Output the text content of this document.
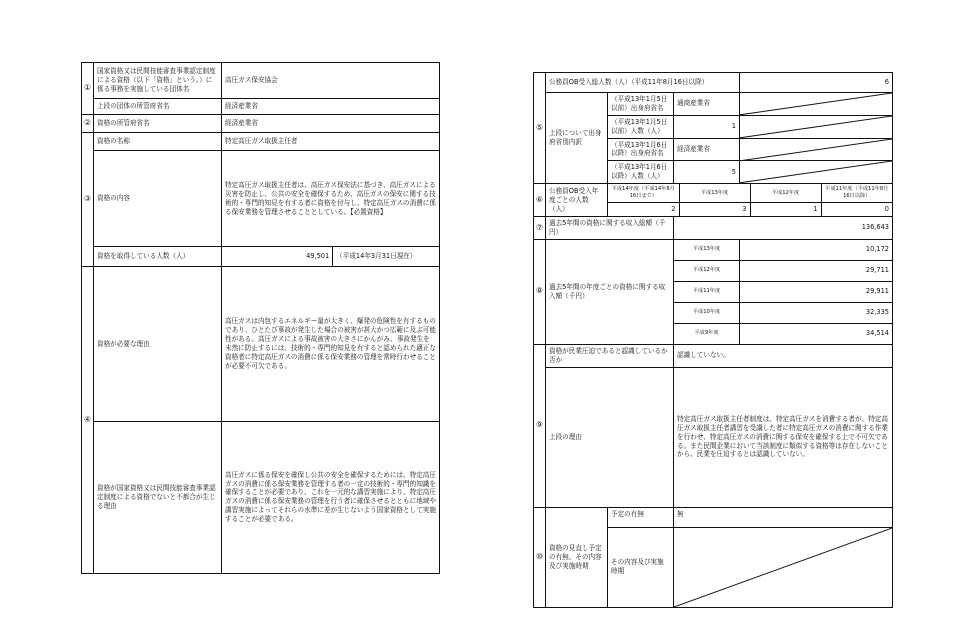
①	国家資格又は民間技能審査事業認定制度による資格（以下「資格」という。）に係る事務を実施している団体名	高圧ガス保安協会
上段の団体の所管府省名	経済産業省
②	資格の所管府省名	経済産業省
③	資格の名称	特定高圧ガス取扱主任者
資格の内容	特定高圧ガス取扱主任者は、高圧ガス保安法に基づき、高圧ガスによる災害を防止し、公共の安全を確保するため、高圧ガスの保安に関する技術的・専門的知見を有する者に資格を付与し、特定高圧ガスの消費に係る保安業務を管理させることとしている。【必置資格】
資格を取得している人数（人）		49,501	（平成14年3月31日現在）

④	資格が必要な理由	高圧ガスは内包するエネルギー量が大きく、爆発の危険性を有するものであり、ひとたび事故が発生した場合の被害が甚大かつ広範に及ぶ可能性がある。高圧ガスによる事故被害の大きさにかんがみ、事故発生を未然に防止するには、技術的・専門的知見を有すると認められた適正な資格者に特定高圧ガスの消費に係る保安業務の管理を常時行わせることが必要不可欠である。
資格が国家資格又は民間技能審査事業認定制度による資格でないと不都合が生じる理由	高圧ガスに係る保安を確保し公共の安全を確保するためには、特定高圧ガスの消費に係る保安業務を管理する者の一定の技術的・専門的知識を確保することが必要であり、これを一元的な講習実施により、特定高圧ガスの消費に係る保安業務の管理を行う者に確保させるとともに地域や講習実施によってそれらの水準に差が生じないよう国家資格として実施することが必要である。
⑤	公務員OB受入総人数（人）（平成11年8月16日以降）	6
上段について出身府省別内訳	（平成13年1月5日以前）出身府省名	通商産業省	

（平成13年1月5日以前）人数（人）	1	

（平成13年1月6日以降）出身府省名	経済産業省	

（平成13年1月6日以降）人数（人）	5	

⑥	公務員OB受入年度ごとの人数（人）	
平成14年度（平成14年8月16日まで）	平成13年度	平成12年度	平成11年度（平成11年8月16日以降）
2	3	1	0

⑦	過去5年間の資格に関する収入総額（千円）	136,643
⑧	過去5年間の年度ごとの資格に関する収入額（千円）	平成13年度	10,172
平成12年度	29,711
平成11年度	29,911
平成10年度	32,335
平成9年度	34,514
⑨	資格が民業圧迫であると認識しているか否か	認識していない。
上段の理由	特定高圧ガス取扱主任者制度は、特定高圧ガスを消費する者が、特定高圧ガス取扱主任者講習を受講した者に特定高圧ガスの消費に関する作業を行わせ、特定高圧ガスの消費に関する保安を確保する上で不可欠である。また民間企業において当該制度に類似する資格等は存在しないことから、民業を圧迫するとは認識していない。
⑩	資格の見直し予定の有無、その内容及び実施時期	予定の有無	無
その内容及び実施時期	
